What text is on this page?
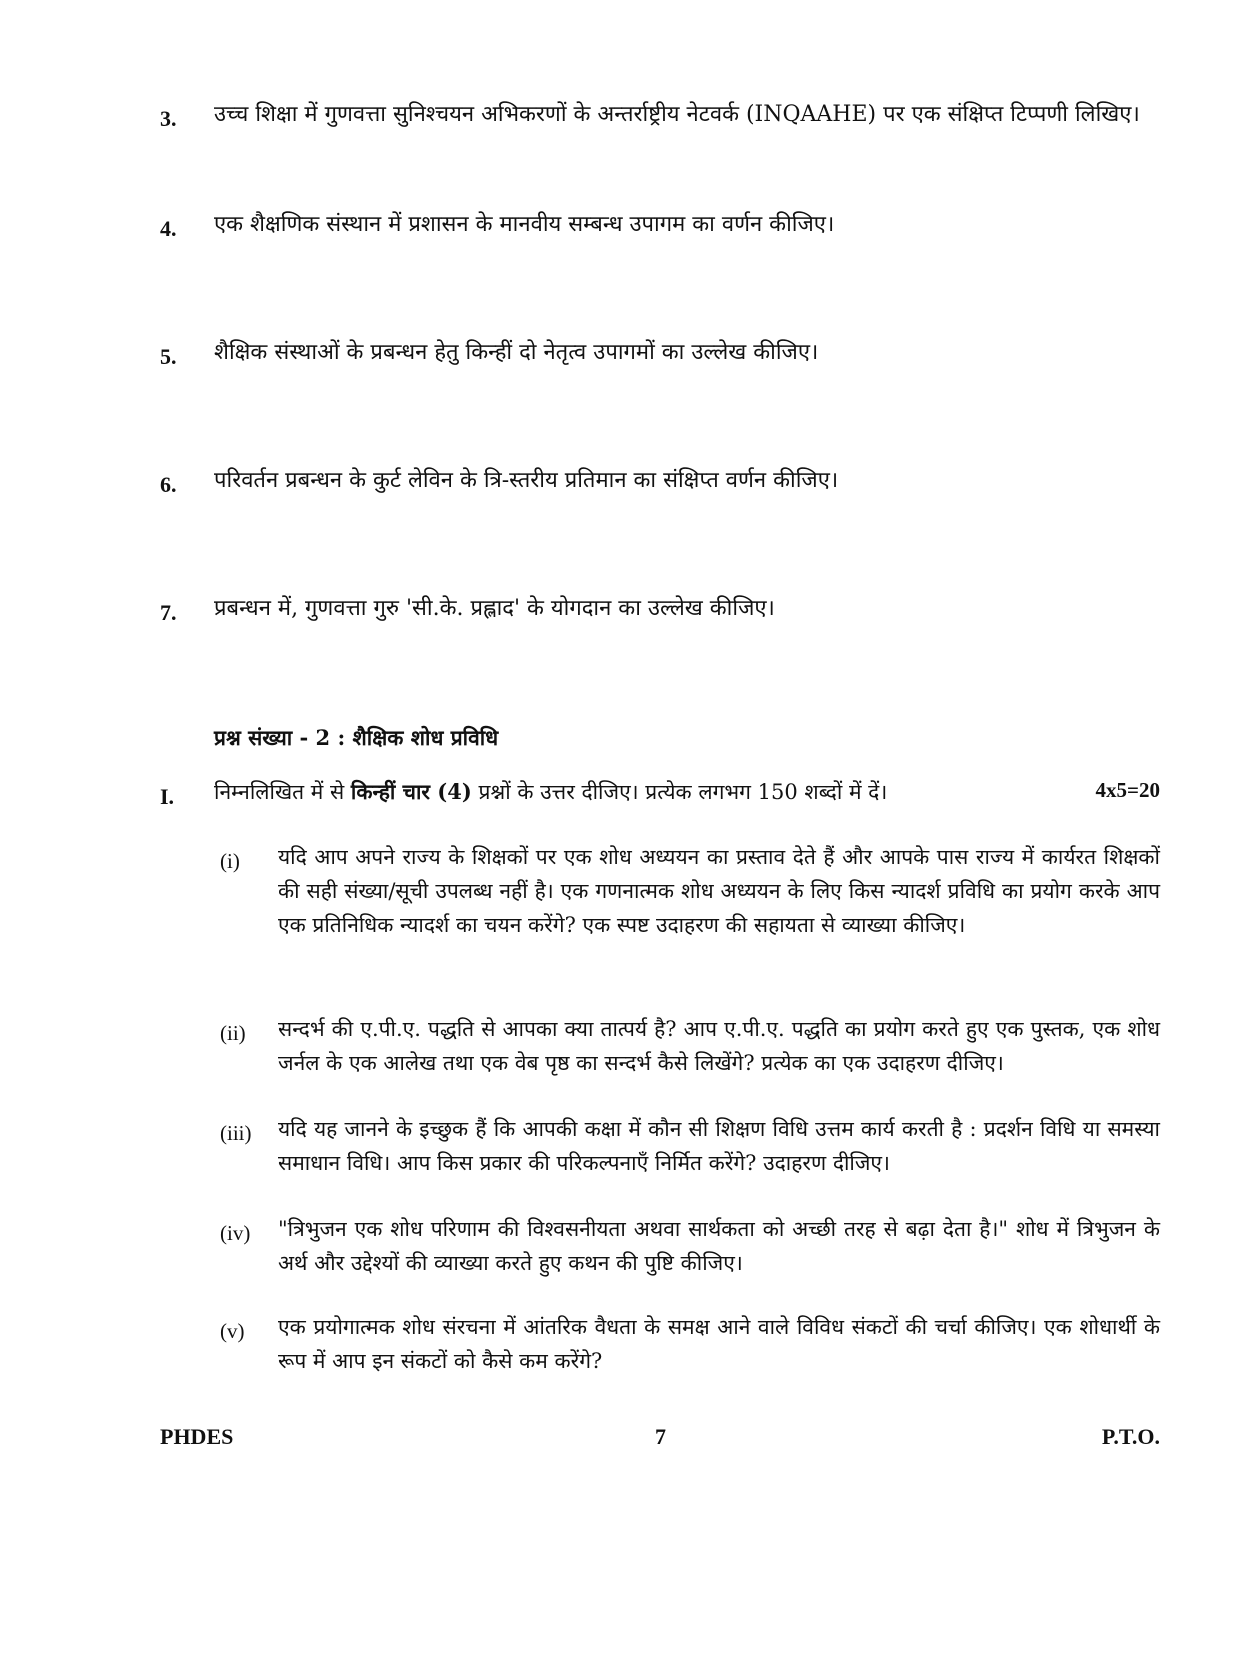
3. उच्च शिक्षा में गुणवत्ता सुनिश्चयन अभिकरणों के अन्तर्राष्ट्रीय नेटवर्क (INQAAHE) पर एक संक्षिप्त टिप्पणी लिखिए।
4. एक शैक्षणिक संस्थान में प्रशासन के मानवीय सम्बन्ध उपागम का वर्णन कीजिए।
5. शैक्षिक संस्थाओं के प्रबन्धन हेतु किन्हीं दो नेतृत्व उपागमों का उल्लेख कीजिए।
6. परिवर्तन प्रबन्धन के कुर्ट लेविन के त्रि-स्तरीय प्रतिमान का संक्षिप्त वर्णन कीजिए।
7. प्रबन्धन में, गुणवत्ता गुरु 'सी.के. प्रह्लाद' के योगदान का उल्लेख कीजिए।
प्रश्न संख्या - 2 : शैक्षिक शोध प्रविधि
I. निम्नलिखित में से किन्हीं चार (4) प्रश्नों के उत्तर दीजिए। प्रत्येक लगभग 150 शब्दों में दें।	4x5=20
(i) यदि आप अपने राज्य के शिक्षकों पर एक शोध अध्ययन का प्रस्ताव देते हैं और आपके पास राज्य में कार्यरत शिक्षकों की सही संख्या/सूची उपलब्ध नहीं है। एक गणनात्मक शोध अध्ययन के लिए किस न्यादर्श प्रविधि का प्रयोग करके आप एक प्रतिनिधिक न्यादर्श का चयन करेंगे? एक स्पष्ट उदाहरण की सहायता से व्याख्या कीजिए।
(ii) सन्दर्भ की ए.पी.ए. पद्धति से आपका क्या तात्पर्य है? आप ए.पी.ए. पद्धति का प्रयोग करते हुए एक पुस्तक, एक शोध जर्नल के एक आलेख तथा एक वेब पृष्ठ का सन्दर्भ कैसे लिखेंगे? प्रत्येक का एक उदाहरण दीजिए।
(iii) यदि यह जानने के इच्छुक हैं कि आपकी कक्षा में कौन सी शिक्षण विधि उत्तम कार्य करती है : प्रदर्शन विधि या समस्या समाधान विधि। आप किस प्रकार की परिकल्पनाएँ निर्मित करेंगे? उदाहरण दीजिए।
(iv) "त्रिभुजन एक शोध परिणाम की विश्वसनीयता अथवा सार्थकता को अच्छी तरह से बढ़ा देता है।" शोध में त्रिभुजन के अर्थ और उद्देश्यों की व्याख्या करते हुए कथन की पुष्टि कीजिए।
(v) एक प्रयोगात्मक शोध संरचना में आंतरिक वैधता के समक्ष आने वाले विविध संकटों की चर्चा कीजिए। एक शोधार्थी के रूप में आप इन संकटों को कैसे कम करेंगे?
PHDES	7	P.T.O.
